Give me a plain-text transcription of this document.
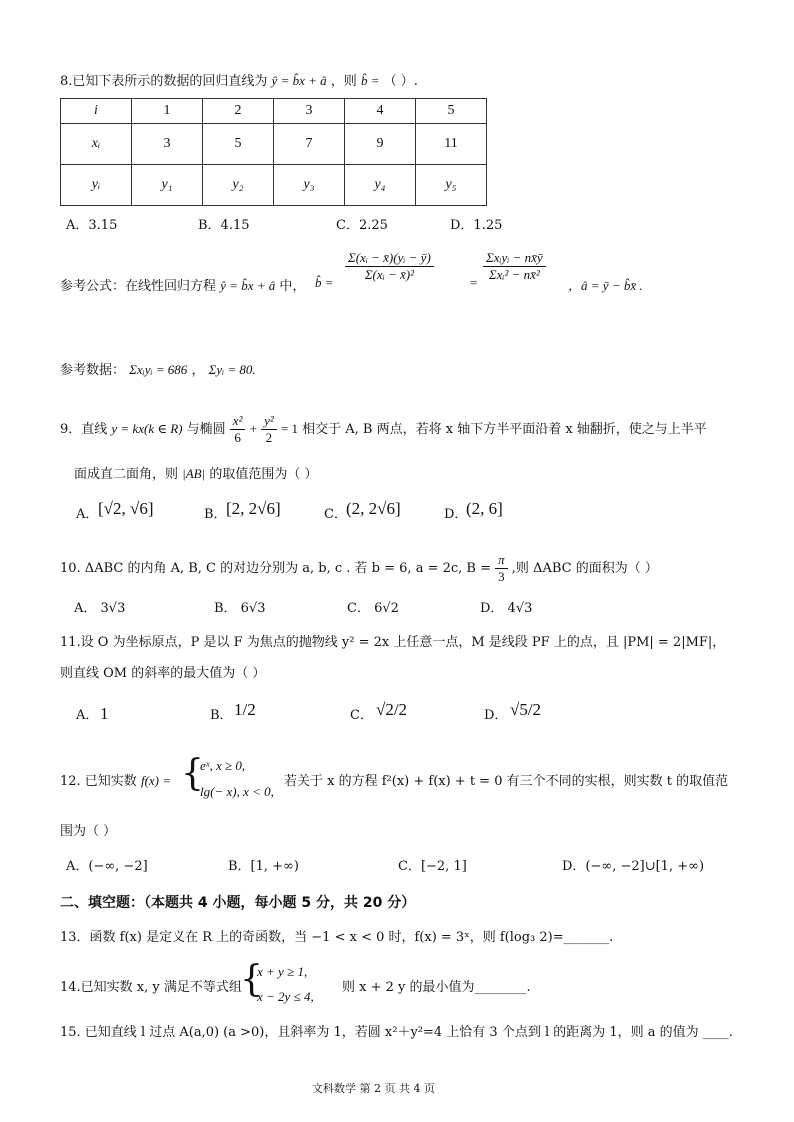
8.已知下表所示的数据的回归直线为 ŷ = b̂x + â ，则 b̂ = （ ）.
i	1	2	3	4	5
xᵢ	3	5	7	9	11
yᵢ	y₁	y₂	y₃	y₄	y₅
A．3.15	B．4.15	C．2.25	D．1.25
参考公式：在线性回归方程 ŷ = b̂x + â 中， b̂ = $\frac{\text{Σ(xᵢ − x̄)(yᵢ − ȳ)}}{\text{Σ(xᵢ − x̄)²}}$	= $\frac{\text{Σxᵢyᵢ − nx̄ȳ}}{\text{Σxᵢ² − nx̄²}}$
，â = ȳ − b̂x̄ .
参考数据： Σxᵢyᵢ = 686 ， Σyᵢ = 80.
9．直线 y = kx(k ∈ R) 与椭圆 $\frac{\text{x²}}{6} + \frac{\text{y²}}{2} = 1$ 相交于 A, B 两点，若将 x 轴下方半平面沿着 x 轴翻折，使之与上半平
面成直二面角，则 |AB| 的取值范围为（ ）
A． [√2, √6]	B． [2, 2√6]	C． (2, 2√6]	D．
(2, 6]
10. ΔABC 的内角 A, B, C 的对边分别为 a, b, c . 若 b = 6, a = 2c, $B = \frac{\pi}{3}$ ,则 ΔABC 的面积为（ ）
A． 3√3	B． 6√3	C． 6√2	D． 4√3
11.设 O 为坐标原点，P 是以 F 为焦点的抛物线 y² = 2x 上任意一点，M 是线段 PF 上的点，且 |PM| = 2|MF|，
则直线 OM 的斜率的最大值为（ ）
A． 1	B． 1/2	C． √2/2	D． √5/2
12. 已知实数 f(x) = {
eˣ, x ≥ 0,
lg(− x), x < 0,
若关于 x 的方程 f²(x) + f(x) + t = 0 有三个不同的实根，则实数 t 的取值范
围为（ ）
A．(−∞, −2]	B．[1, +∞)	C．[−2, 1]	D．(−∞, −2]∪[1, +∞)
二、填空题：（本题共 4 小题，每小题 5 分，共 20 分）
13．函数 f(x) 是定义在 R 上的奇函数，当 −1 < x < 0 时，f(x) = 3ˣ，则 f(log₃ 2)=_______.
14.已知实数 x, y 满足不等式组
{
x + y ≥ 1,
x − 2y ≤ 4,
则 x + 2 y 的最小值为________.
15. 已知直线 l 过点 A(a,0) (a >0)，且斜率为 1，若圆 x²＋y²=4 上恰有 3 个点到 l 的距离为 1，则 a 的值为 ____.
文科数学 第 2 页 共 4 页
